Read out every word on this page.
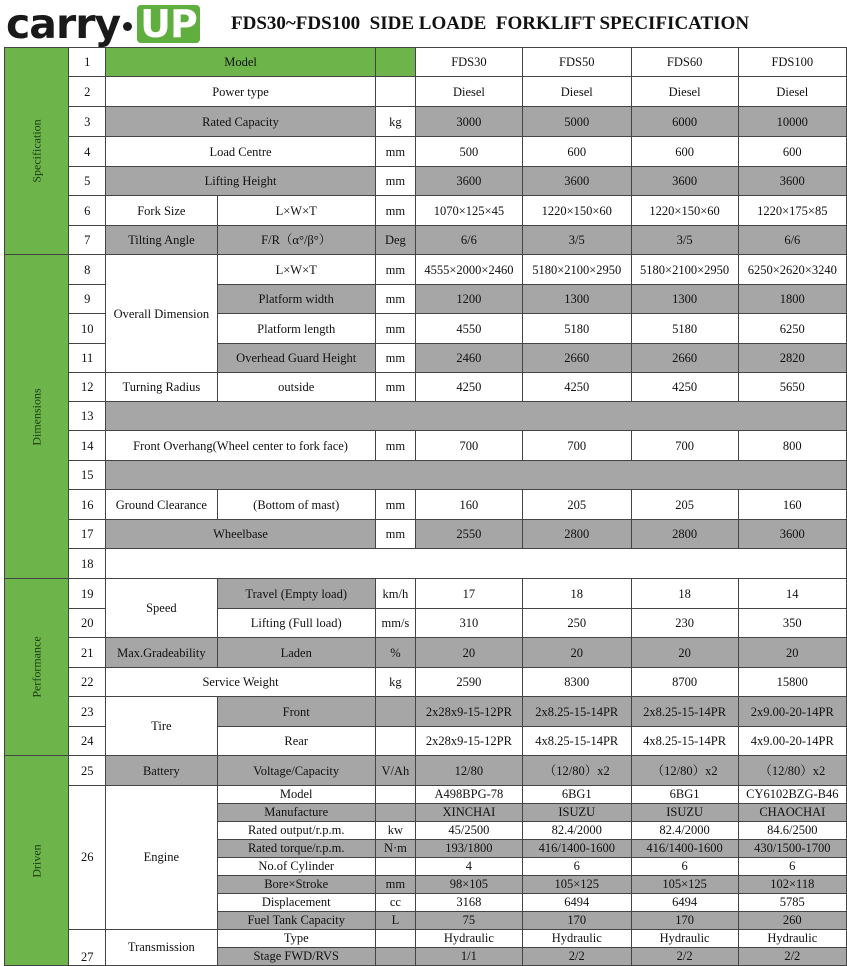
carry UP FDS30~FDS100  SIDE LOADE  FORKLIFT SPECIFICATION
Specification	1	Model			FDS30	FDS50	FDS60	FDS100
	2	Power type			Diesel	Diesel	Diesel	Diesel
	3	Rated Capacity		kg	3000	5000	6000	10000
	4	Load Centre		mm	500	600	600	600
	5	Lifting Height		mm	3600	3600	3600	3600
	6	Fork Size	L×W×T	mm	1070×125×45	1220×150×60	1220×150×60	1220×175×85
	7	Tilting Angle	F/R（α°/β°）	Deg	6/6	3/5	3/5	6/6
Dimensions	8	Overall Dimension	L×W×T	mm	4555×2000×2460	5180×2100×2950	5180×2100×2950	6250×2620×3240
	9		Platform width	mm	1200	1300	1300	1800
	10		Platform length	mm	4550	5180	5180	6250
	11		Overhead Guard Height	mm	2460	2660	2660	2820
	12	Turning Radius	outside	mm	4250	4250	4250	5650
	13							
	14	Front Overhang(Wheel center to fork face)		mm	700	700	700	800
	15							
	16	Ground Clearance	(Bottom of mast)	mm	160	205	205	160
	17	Wheelbase		mm	2550	2800	2800	3600
	18							
Performance	19	Speed	Travel (Empty load)	km/h	17	18	18	14
	20		Lifting (Full load)	mm/s	310	250	230	350
	21	Max.Gradeability	Laden	%	20	20	20	20
	22	Service Weight		kg	2590	8300	8700	15800
	23	Tire	Front		2x28x9-15-12PR	2x8.25-15-14PR	2x8.25-15-14PR	2x9.00-20-14PR
	24		Rear		2x28x9-15-12PR	4x8.25-15-14PR	4x8.25-15-14PR	4x9.00-20-14PR
Driven	25	Battery	Voltage/Capacity	V/Ah	12/80	（12/80）x2	（12/80）x2	（12/80）x2
	26	Engine	Model		A498BPG-78	6BG1	6BG1	CY6102BZG-B46
			Manufacture		XINCHAI	ISUZU	ISUZU	CHAOCHAI
			Rated output/r.p.m.	kw	45/2500	82.4/2000	82.4/2000	84.6/2500
			Rated torque/r.p.m.	N·m	193/1800	416/1400-1600	416/1400-1600	430/1500-1700
			No.of Cylinder		4	6	6	6
			Bore×Stroke	mm	98×105	105×125	105×125	102×118
			Displacement	cc	3168	6494	6494	5785
			Fuel Tank Capacity	L	75	170	170	260
	27	Transmission	Type		Hydraulic	Hydraulic	Hydraulic	Hydraulic
			Stage FWD/RVS		1/1	2/2	2/2	2/2
